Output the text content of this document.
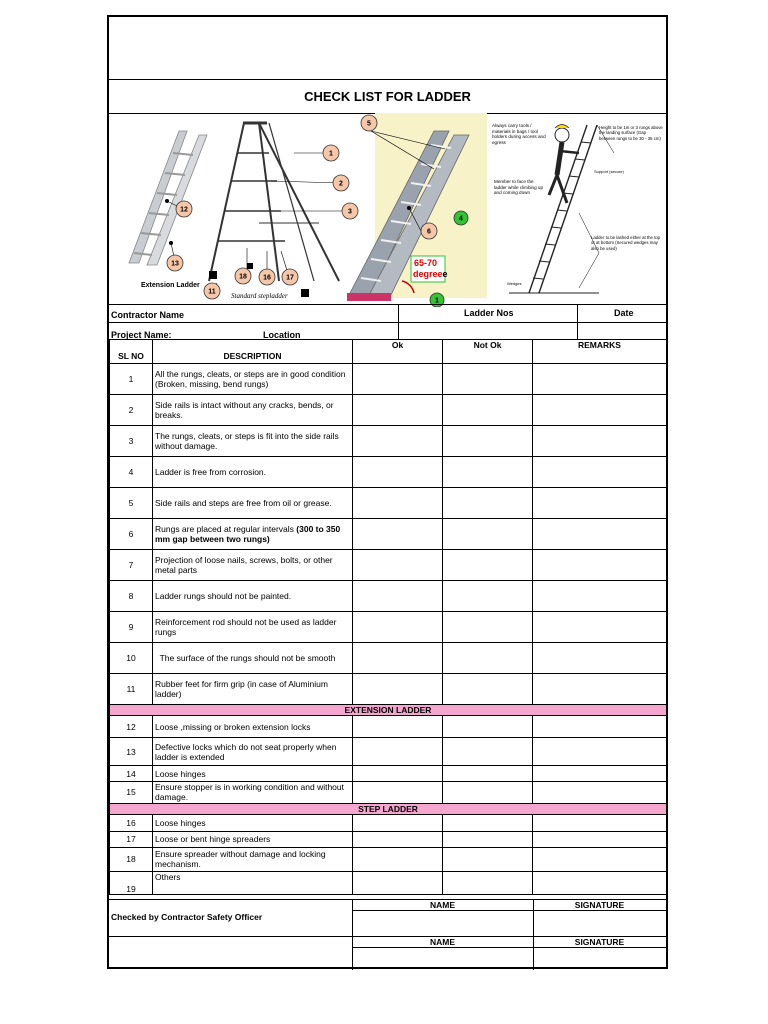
CHECK LIST FOR LADDER
12
13
Extension Ladder
1
2
3
11
16 17
18
Standard stepladder
5
6
4
1
65-70
degreee
Always carry tools / materials in bags / tool holders during access and egress
Member to face the ladder while climbing up and coming down
Height to be 1m or 3 rungs above the landing surface (Gap between rungs to be 30 - 35 cm)
Ladder to be lashed either at the top or at bottom (Secured wedges may also be used)
Support (secure)
Wedges
Contractor Name	Ladder Nos	Date
Project Name:	Location
SL NO	DESCRIPTION	Ok	Not Ok	REMARKS
1	All the rungs, cleats, or steps are in good condition (Broken, missing, bend rungs)			
2	Side rails is intact without any cracks, bends, or breaks.			
3	The rungs, cleats, or steps is fit into the side rails without damage.			
4	Ladder is free from corrosion.			
5	Side rails and steps are free from oil or grease.			
6	Rungs are placed at regular intervals (300 to 350 mm gap between two rungs)			
7	Projection of loose nails, screws, bolts, or other metal parts			
8	Ladder rungs should not be painted.			
9	Reinforcement rod should not be used as ladder rungs			
10	The surface of the rungs should not be smooth			
11	Rubber feet for firm grip (in case of Aluminium ladder)			
EXTENSION LADDER				
12	Loose ,missing or broken extension locks			
13	Defective locks which do not seat properly when ladder is extended			
14	Loose hinges			
15	Ensure stopper is in working condition and without damage.			
STEP LADDER				
16	Loose hinges			
17	Loose or bent hinge spreaders			
18	Ensure spreader without damage and locking mechanism.			
19	Others			
Checked by Contractor Safety Officer
NAME	SIGNATURE
NAME	SIGNATURE
